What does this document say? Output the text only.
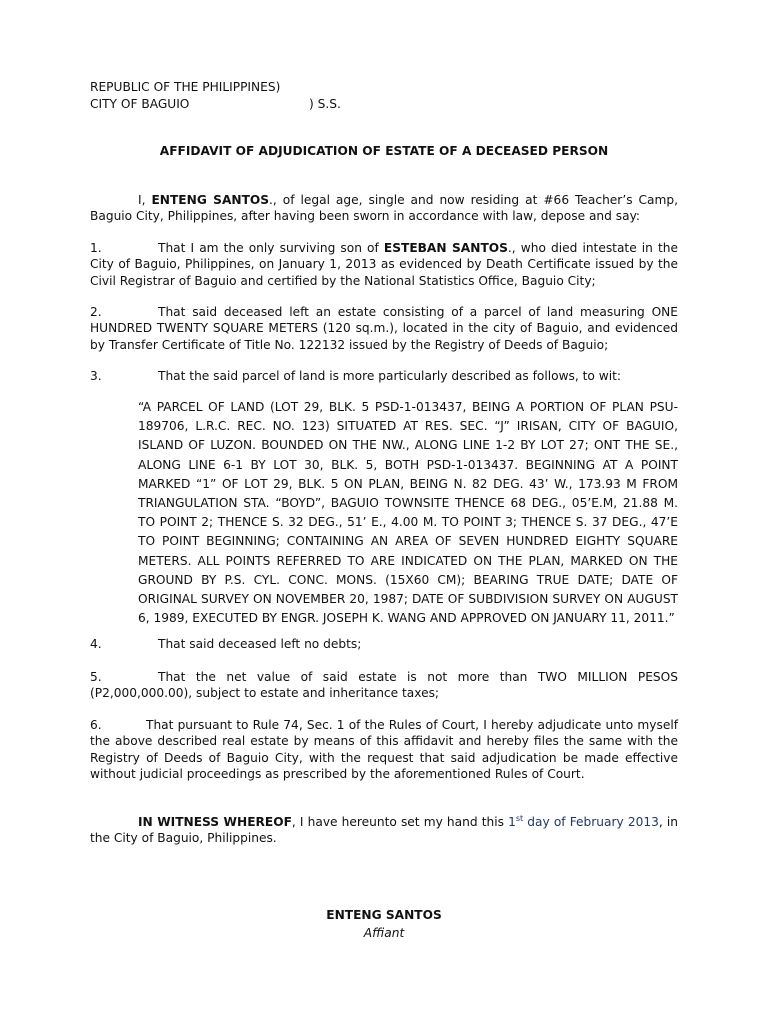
REPUBLIC OF THE PHILIPPINES)
CITY OF BAGUIO	) S.S.
AFFIDAVIT OF ADJUDICATION OF ESTATE OF A DECEASED PERSON
I, ENTENG SANTOS., of legal age, single and now residing at #66 Teacher’s Camp, Baguio City, Philippines, after having been sworn in accordance with law, depose and say:
1.	That I am the only surviving son of ESTEBAN SANTOS., who died intestate in the City of Baguio, Philippines, on January 1, 2013 as evidenced by Death Certificate issued by the Civil Registrar of Baguio and certified by the National Statistics Office, Baguio City;
2.	That said deceased left an estate consisting of a parcel of land measuring ONE HUNDRED TWENTY SQUARE METERS (120 sq.m.), located in the city of Baguio, and evidenced by Transfer Certificate of Title No. 122132 issued by the Registry of Deeds of Baguio;
3.	That the said parcel of land is more particularly described as follows, to wit:
“A PARCEL OF LAND (LOT 29, BLK. 5 PSD-1-013437, BEING A PORTION OF PLAN PSU-189706, L.R.C. REC. NO. 123) SITUATED AT RES. SEC. “J” IRISAN, CITY OF BAGUIO, ISLAND OF LUZON. BOUNDED ON THE NW., ALONG LINE 1-2 BY LOT 27; ONT THE SE., ALONG LINE 6-1 BY LOT 30, BLK. 5, BOTH PSD-1-013437. BEGINNING AT A POINT MARKED “1” OF LOT 29, BLK. 5 ON PLAN, BEING N. 82 DEG. 43’ W., 173.93 M FROM TRIANGULATION STA. “BOYD”, BAGUIO TOWNSITE THENCE 68 DEG., 05’E.M, 21.88 M. TO POINT 2; THENCE S. 32 DEG., 51’ E., 4.00 M. TO POINT 3; THENCE S. 37 DEG., 47’E TO POINT BEGINNING; CONTAINING AN AREA OF SEVEN HUNDRED EIGHTY SQUARE METERS. ALL POINTS REFERRED TO ARE INDICATED ON THE PLAN, MARKED ON THE GROUND BY P.S. CYL. CONC. MONS. (15X60 CM); BEARING TRUE DATE; DATE OF ORIGINAL SURVEY ON NOVEMBER 20, 1987; DATE OF SUBDIVISION SURVEY ON AUGUST 6, 1989, EXECUTED BY ENGR. JOSEPH K. WANG AND APPROVED ON JANUARY 11, 2011.”
4.	That said deceased left no debts;
5.	That the net value of said estate is not more than TWO MILLION PESOS (P2,000,000.00), subject to estate and inheritance taxes;
6.	That pursuant to Rule 74, Sec. 1 of the Rules of Court, I hereby adjudicate unto myself the above described real estate by means of this affidavit and hereby files the same with the Registry of Deeds of Baguio City, with the request that said adjudication be made effective without judicial proceedings as prescribed by the aforementioned Rules of Court.
IN WITNESS WHEREOF, I have hereunto set my hand this 1st day of February 2013, in the City of Baguio, Philippines.
ENTENG SANTOS
Affiant
